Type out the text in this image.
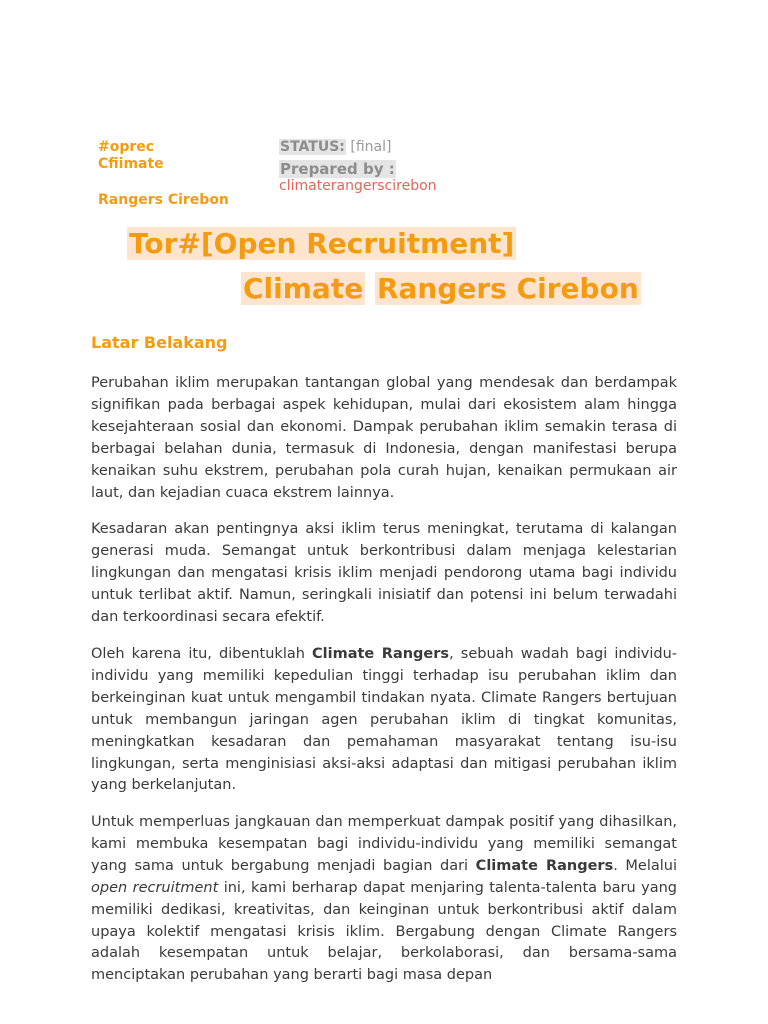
#oprec
Cfiimate
Rangers Cirebon
STATUS: [final]
Prepared by :
climaterangerscirebon
Tor#[Open Recruitment]
Climate Rangers Cirebon
Latar Belakang

Perubahan iklim merupakan tantangan global yang mendesak dan berdampak signifikan pada berbagai aspek kehidupan, mulai dari ekosistem alam hingga kesejahteraan sosial dan ekonomi. Dampak perubahan iklim semakin terasa di berbagai belahan dunia, termasuk di Indonesia, dengan manifestasi berupa kenaikan suhu ekstrem, perubahan pola curah hujan, kenaikan permukaan air laut, dan kejadian cuaca ekstrem lainnya.

Kesadaran akan pentingnya aksi iklim terus meningkat, terutama di kalangan generasi muda. Semangat untuk berkontribusi dalam menjaga kelestarian lingkungan dan mengatasi krisis iklim menjadi pendorong utama bagi individu untuk terlibat aktif. Namun, seringkali inisiatif dan potensi ini belum terwadahi dan terkoordinasi secara efektif.

Oleh karena itu, dibentuklah Climate Rangers, sebuah wadah bagi individu-individu yang memiliki kepedulian tinggi terhadap isu perubahan iklim dan berkeinginan kuat untuk mengambil tindakan nyata. Climate Rangers bertujuan untuk membangun jaringan agen perubahan iklim di tingkat komunitas, meningkatkan kesadaran dan pemahaman masyarakat tentang isu-isu lingkungan, serta menginisiasi aksi-aksi adaptasi dan mitigasi perubahan iklim yang berkelanjutan.

Untuk memperluas jangkauan dan memperkuat dampak positif yang dihasilkan, kami membuka kesempatan bagi individu-individu yang memiliki semangat yang sama untuk bergabung menjadi bagian dari Climate Rangers. Melalui open recruitment ini, kami berharap dapat menjaring talenta-talenta baru yang memiliki dedikasi, kreativitas, dan keinginan untuk berkontribusi aktif dalam upaya kolektif mengatasi krisis iklim. Bergabung dengan Climate Rangers adalah kesempatan untuk belajar, berkolaborasi, dan bersama-sama menciptakan perubahan yang berarti bagi masa depan
